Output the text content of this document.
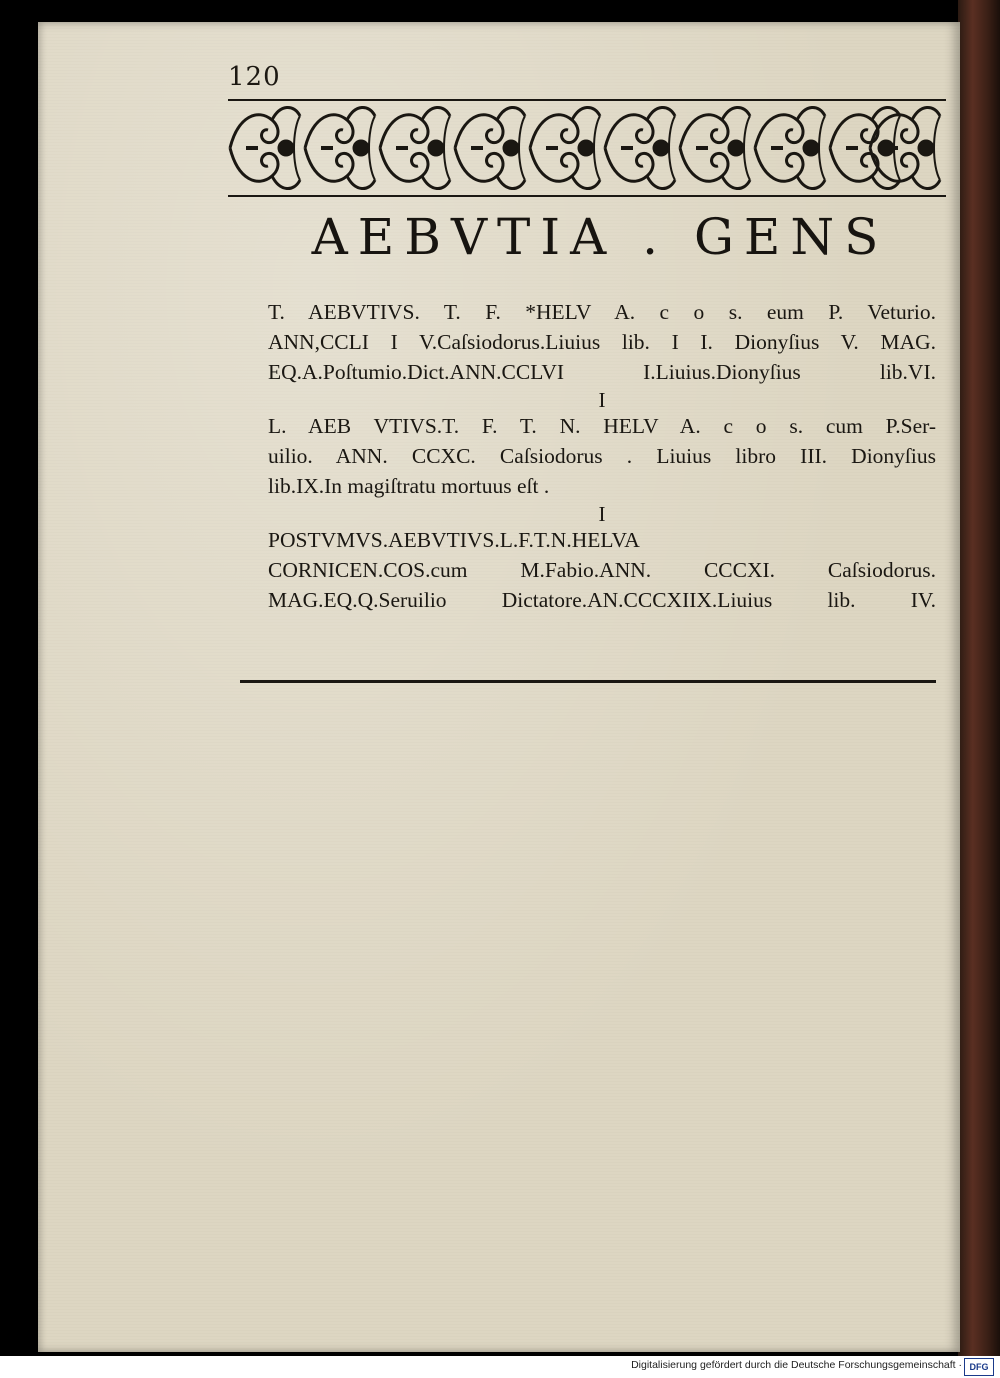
120
AEBVTIA . GENS
T. AEBVTIVS. T. F. *HELV A. c o s. eum P. Veturio.
ANN,CCLI I V.Caſsiodorus.Liuius lib. I I. Dionyſius V. MAG.
EQ.A.Poſtumio.Dict.ANN.CCLVI I.Liuius.Dionyſius lib.VI.
I
L. AEB VTIVS.T. F. T. N. HELV A. c o s. cum P.Ser-
uilio. ANN. CCXC. Caſsiodorus . Liuius libro III. Dionyſius
lib.IX.In magiſtratu mortuus eſt .
I
POSTVMVS.AEBVTIVS.L.F.T.N.HELVA
CORNICEN.COS.cum M.Fabio.ANN. CCCXI. Caſsiodorus.
MAG.EQ.Q.Seruilio Dictatore.AN.CCCXIIX.Liuius lib. IV.
Digitalisierung gefördert durch die Deutsche Forschungsgemeinschaft · DFG
